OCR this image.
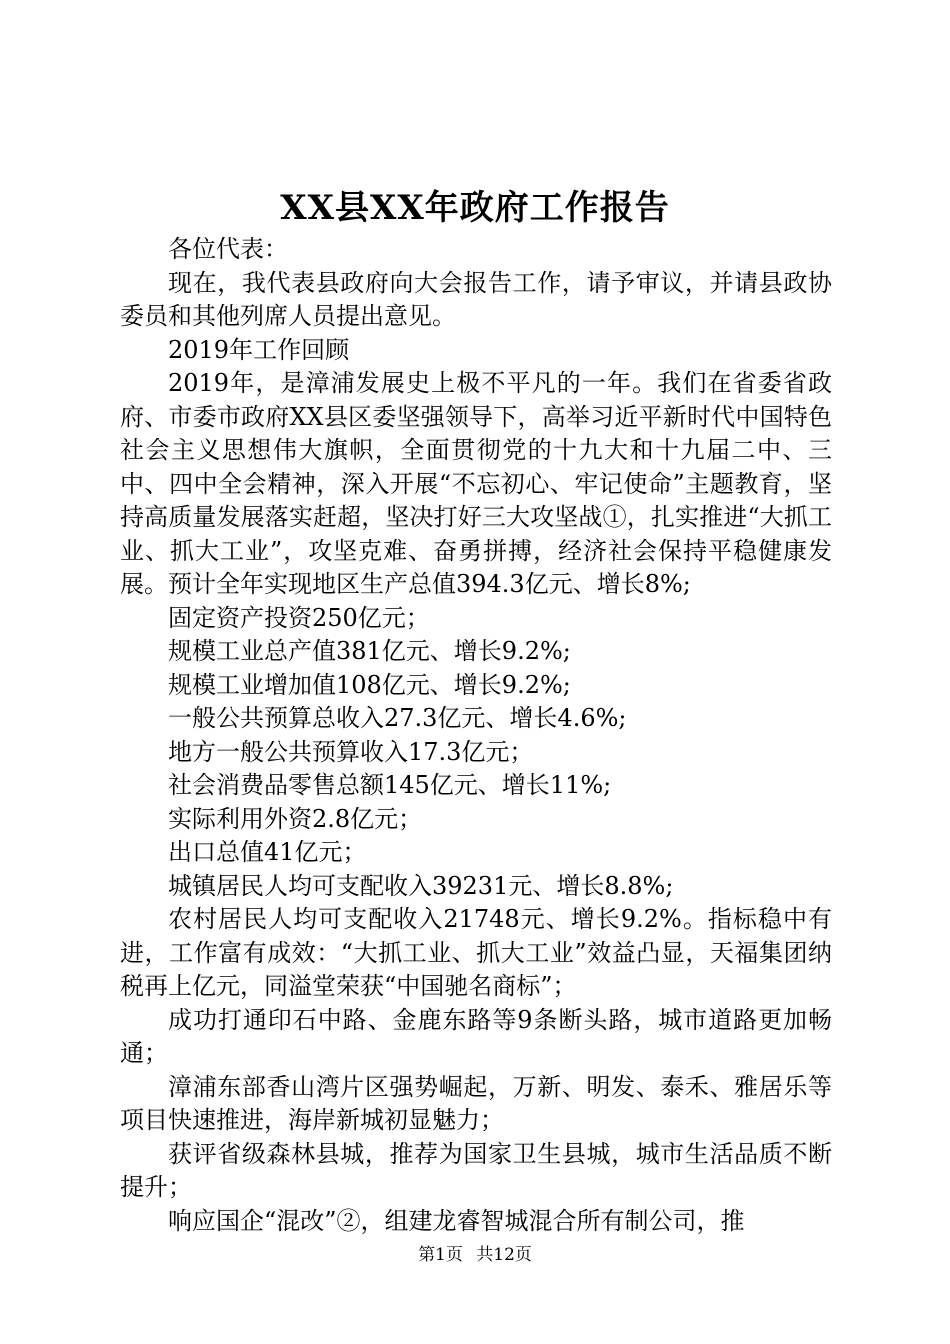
XX县XX年政府工作报告

各位代表：

现在，我代表县政府向大会报告工作，请予审议，并请县政协委员和其他列席人员提出意见。

2019年工作回顾

2019年，是漳浦发展史上极不平凡的一年。我们在省委省政府、市委市政府XX县区委坚强领导下，高举习近平新时代中国特色社会主义思想伟大旗帜，全面贯彻党的十九大和十九届二中、三中、四中全会精神，深入开展“不忘初心、牢记使命”主题教育，坚持高质量发展落实赶超，坚决打好三大攻坚战①，扎实推进“大抓工业、抓大工业”，攻坚克难、奋勇拼搏，经济社会保持平稳健康发展。预计全年实现地区生产总值394.3亿元、增长8%;

固定资产投资250亿元；

规模工业总产值381亿元、增长9.2%;

规模工业增加值108亿元、增长9.2%;

一般公共预算总收入27.3亿元、增长4.6%;

地方一般公共预算收入17.3亿元；

社会消费品零售总额145亿元、增长11%;

实际利用外资2.8亿元；

出口总值41亿元；

城镇居民人均可支配收入39231元、增长8.8%;

农村居民人均可支配收入21748元、增长9.2%。指标稳中有进，工作富有成效：“大抓工业、抓大工业”效益凸显，天福集团纳税再上亿元，同溢堂荣获“中国驰名商标”；

成功打通印石中路、金鹿东路等9条断头路，城市道路更加畅通；

漳浦东部香山湾片区强势崛起，万新、明发、泰禾、雅居乐等项目快速推进，海岸新城初显魅力；

获评省级森林县城，推荐为国家卫生县城，城市生活品质不断提升；

响应国企“混改”②，组建龙睿智城混合所有制公司，推

第1页 共12页
